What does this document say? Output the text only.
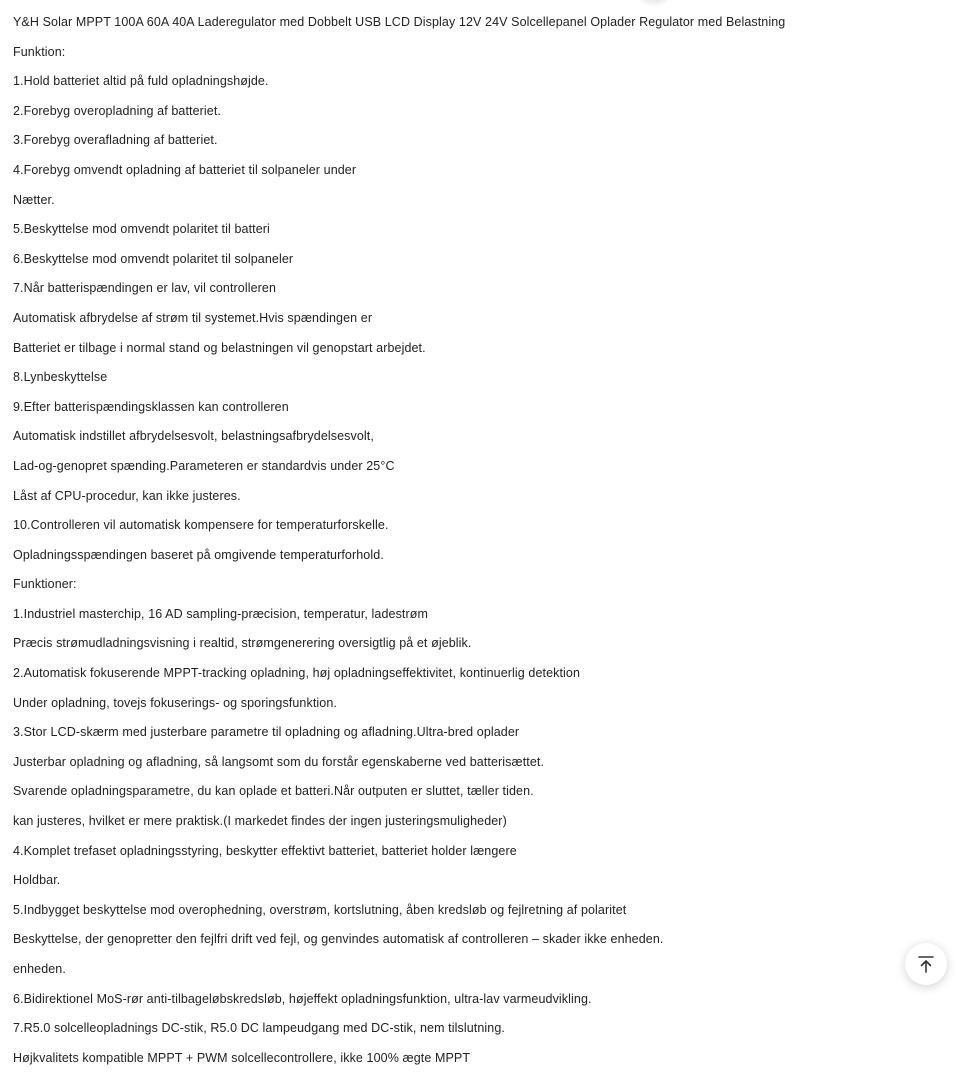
Y&H Solar MPPT 100A 60A 40A Laderegulator med Dobbelt USB LCD Display 12V 24V Solcellepanel Oplader Regulator med Belastning
Funktion:
1.Hold batteriet altid på fuld opladningshøjde.
2.Forebyg overopladning af batteriet.
3.Forebyg overafladning af batteriet.
4.Forebyg omvendt opladning af batteriet til solpaneler under
Nætter.
5.Beskyttelse mod omvendt polaritet til batteri
6.Beskyttelse mod omvendt polaritet til solpaneler
7.Når batterispændingen er lav, vil controlleren
Automatisk afbrydelse af strøm til systemet.Hvis spændingen er
Batteriet er tilbage i normal stand og belastningen vil genopstart arbejdet.
8.Lynbeskyttelse
9.Efter batterispændingsklassen kan controlleren
Automatisk indstillet afbrydelsesvolt, belastningsafbrydelsesvolt,
Lad-og-genopret spænding.Parameteren er standardvis under 25°C
Låst af CPU-procedur, kan ikke justeres.
10.Controlleren vil automatisk kompensere for temperaturforskelle.
Opladningsspændingen baseret på omgivende temperaturforhold.
Funktioner:
1.Industriel masterchip, 16 AD sampling-præcision, temperatur, ladestrøm
Præcis strømudladningsvisning i realtid, strømgenerering oversigtlig på et øjeblik.
2.Automatisk fokuserende MPPT-tracking opladning, høj opladningseffektivitet, kontinuerlig detektion
Under opladning, tovejs fokuserings- og sporingsfunktion.
3.Stor LCD-skærm med justerbare parametre til opladning og afladning.Ultra-bred oplader
Justerbar opladning og afladning, så langsomt som du forstår egenskaberne ved batterisættet.
Svarende opladningsparametre, du kan oplade et batteri.Når outputen er sluttet, tæller tiden.
kan justeres, hvilket er mere praktisk.(I markedet findes der ingen justeringsmuligheder)
4.Komplet trefaset opladningsstyring, beskytter effektivt batteriet, batteriet holder længere
Holdbar.
5.Indbygget beskyttelse mod overophedning, overstrøm, kortslutning, åben kredsløb og fejlretning af polaritet
Beskyttelse, der genopretter den fejlfri drift ved fejl, og genvindes automatisk af controlleren – skader ikke enheden.
enheden.
6.Bidirektionel MoS-rør anti-tilbageløbskredsløb, højeffekt opladningsfunktion, ultra-lav varmeudvikling.
7.R5.0 solcelleopladnings DC-stik, R5.0 DC lampeudgang med DC-stik, nem tilslutning.
Højkvalitets kompatible MPPT + PWM solcellecontrollere, ikke 100% ægte MPPT
